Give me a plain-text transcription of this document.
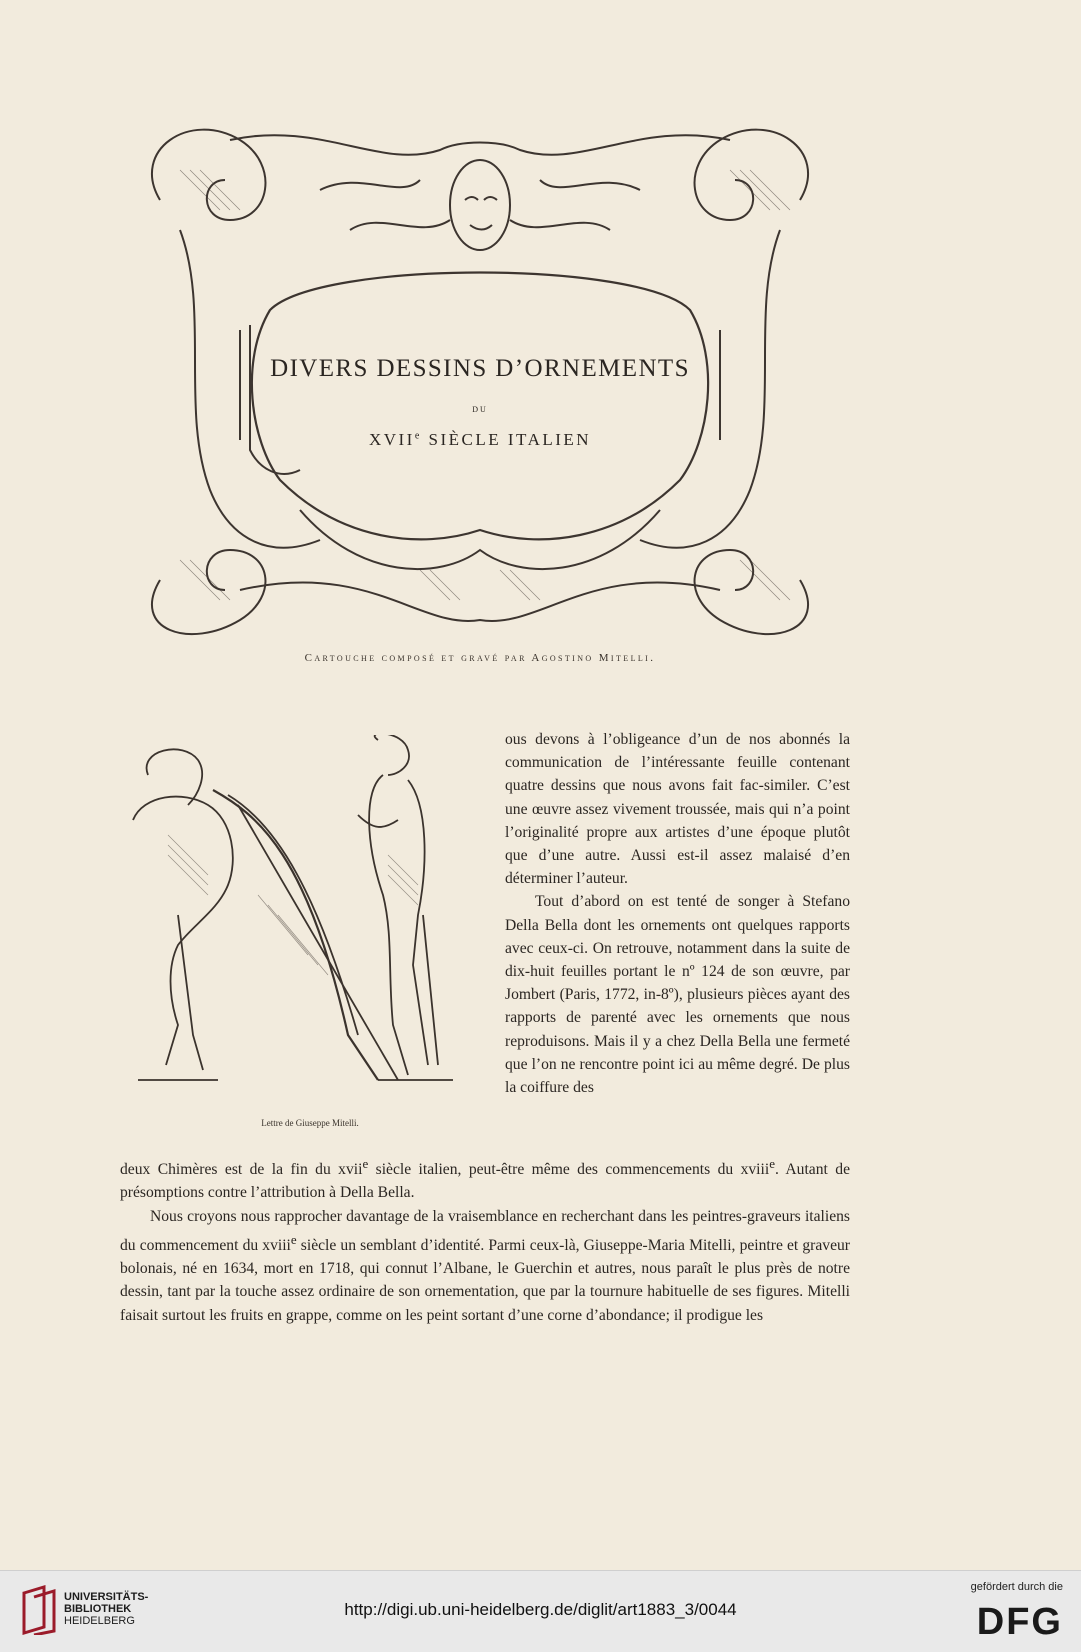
DIVERS DESSINS D’ORNEMENTS
DU
XVIIe SIÈCLE ITALIEN
Cartouche composé et gravé par Agostino Mitelli.
Lettre de Giuseppe Mitelli.

ous devons à l’obligeance d’un de nos abonnés la communication de l’intéressante feuille contenant quatre dessins que nous avons fait fac-similer. C’est une œuvre assez vivement troussée, mais qui n’a point l’originalité propre aux artistes d’une époque plutôt que d’une autre. Aussi est-il assez malaisé d’en déterminer l’auteur.

Tout d’abord on est tenté de songer à Stefano Della Bella dont les ornements ont quelques rapports avec ceux-ci. On retrouve, notamment dans la suite de dix-huit feuilles portant le nº 124 de son œuvre, par Jombert (Paris, 1772, in-8º), plusieurs pièces ayant des rapports de parenté avec les ornements que nous reproduisons. Mais il y a chez Della Bella une fermeté que l’on ne rencontre point ici au même degré. De plus la coiffure des

deux Chimères est de la fin du xvii$^e$ siècle italien, peut-être même des commencements du xviii$^e$. Autant de présomptions contre l’attribution à Della Bella.

Nous croyons nous rapprocher davantage de la vraisemblance en recherchant dans les peintres-graveurs italiens du commencement du xviii$^e$ siècle un semblant d’identité. Parmi ceux-là, Giuseppe-Maria Mitelli, peintre et graveur bolonais, né en 1634, mort en 1718, qui connut l’Albane, le Guerchin et autres, nous paraît le plus près de notre dessin, tant par la touche assez ordinaire de son ornementation, que par la tournure habituelle de ses figures. Mitelli faisait surtout les fruits en grappe, comme on les peint sortant d’une corne d’abondance; il prodigue les

UNIVERSITÄTS-
BIBLIOTHEK
HEIDELBERG
http://digi.ub.uni-heidelberg.de/diglit/art1883_3/0044
gefördert durch die
DFG
